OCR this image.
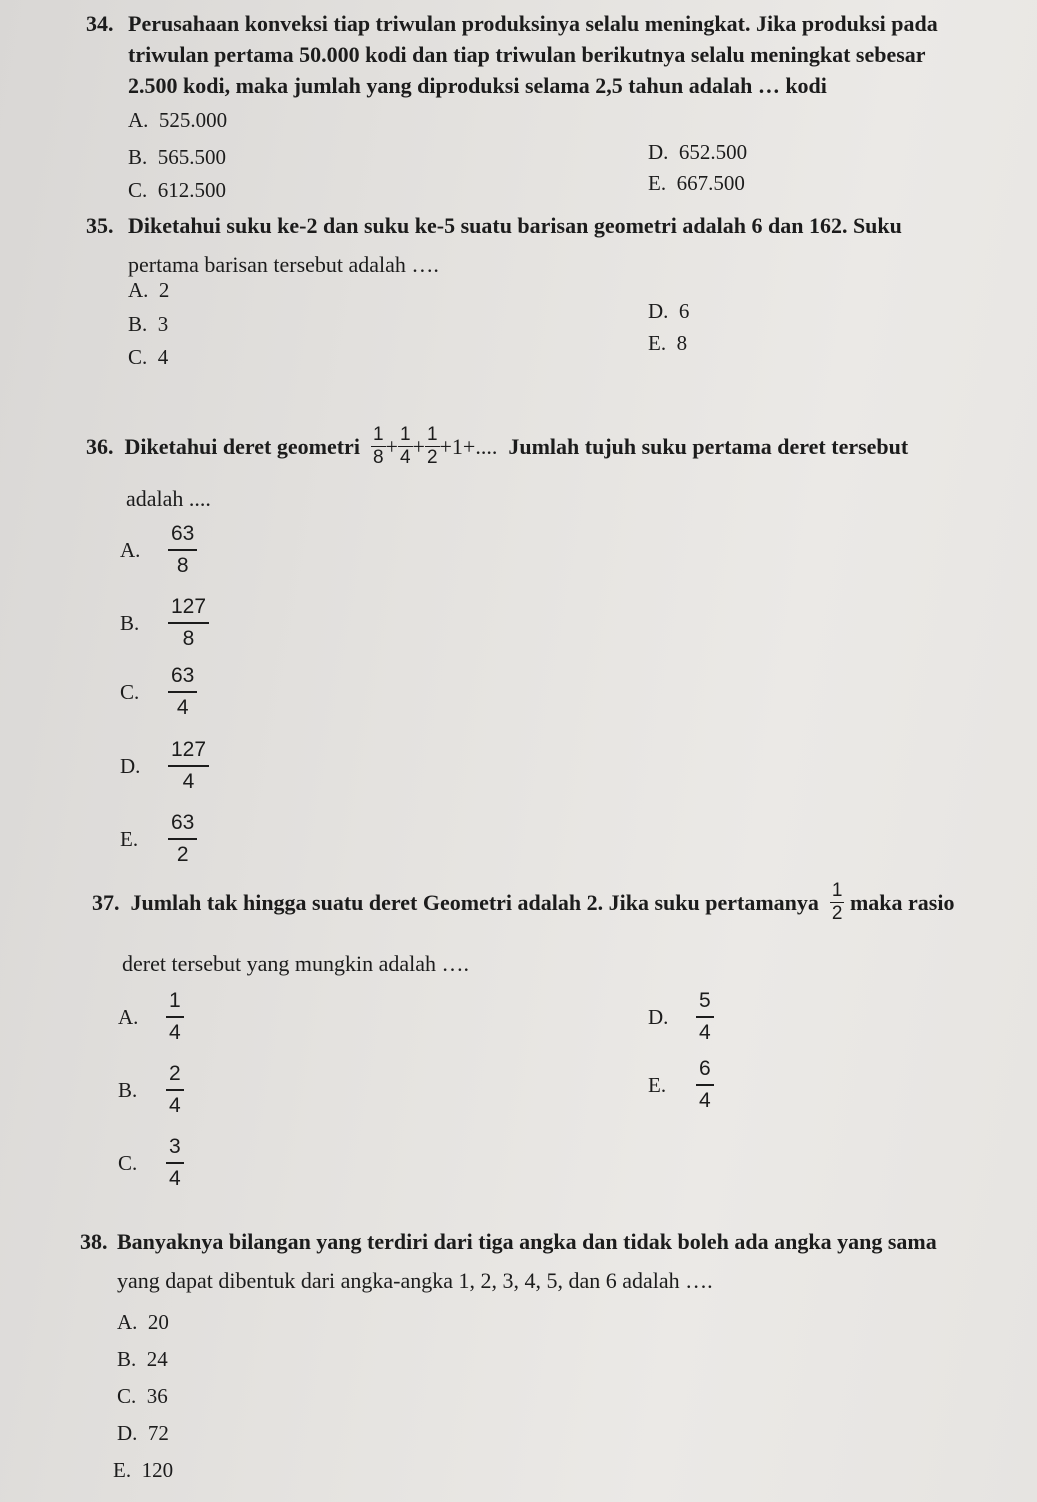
34. Perusahaan konveksi tiap triwulan produksinya selalu meningkat. Jika produksi pada
triwulan pertama 50.000 kodi dan tiap triwulan berikutnya selalu meningkat sebesar
2.500 kodi, maka jumlah yang diproduksi selama 2,5 tahun adalah … kodi
A. 525.000
B. 565.500
C. 612.500
D. 652.500
E. 667.500
35. Diketahui suku ke-2 dan suku ke-5 suatu barisan geometri adalah 6 dan 162. Suku
pertama barisan tersebut adalah ….
A. 2
B. 3
C. 4
D. 6
E. 8
36.
Diketahui deret geometri
$\frac{1}{8} + \frac{1}{4} + \frac{1}{2} +1+$....
Jumlah tujuh suku pertama deret tersebut
adalah ....
A.	$\frac{63}{8}$
B.	$\frac{127}{8}$
C.	$\frac{63}{4}$
D.	$\frac{127}{4}$
E.	$\frac{63}{2}$
37.
Jumlah tak hingga suatu deret Geometri adalah 2. Jika suku pertamanya
$\frac{1}{2}$
maka rasio
deret tersebut yang mungkin adalah ….
A.	$\frac{1}{4}$
B.	$\frac{2}{4}$
C.	$\frac{3}{4}$
D.	$\frac{5}{4}$
E.	$\frac{6}{4}$
38. Banyaknya bilangan yang terdiri dari tiga angka dan tidak boleh ada angka yang sama
yang dapat dibentuk dari angka-angka 1, 2, 3, 4, 5, dan 6 adalah ….
A. 20
B. 24
C. 36
D. 72
E. 120
